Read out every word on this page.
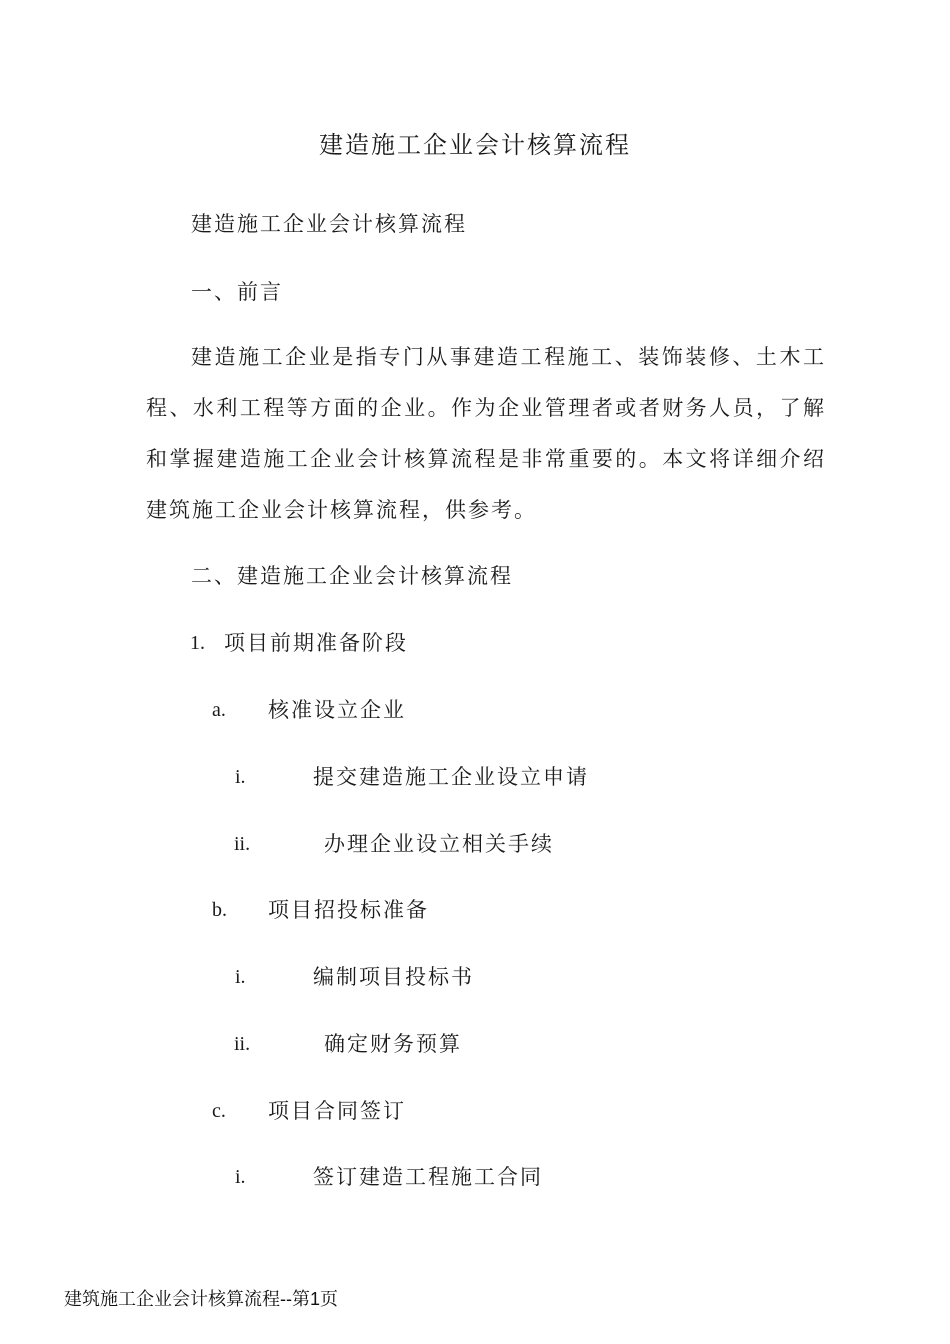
建造施工企业会计核算流程
建造施工企业会计核算流程
一、前言
建造施工企业是指专门从事建造工程施工、装饰装修、土木工程、水利工程等方面的企业。作为企业管理者或者财务人员，了解和掌握建造施工企业会计核算流程是非常重要的。本文将详细介绍建筑施工企业会计核算流程，供参考。
二、建造施工企业会计核算流程
1. 项目前期准备阶段
a. 核准设立企业
i.	提交建造施工企业设立申请
ii.	办理企业设立相关手续
b. 项目招投标准备
i.	编制项目投标书
ii.	确定财务预算
c. 项目合同签订
i.	签订建造工程施工合同
建筑施工企业会计核算流程--第1页
